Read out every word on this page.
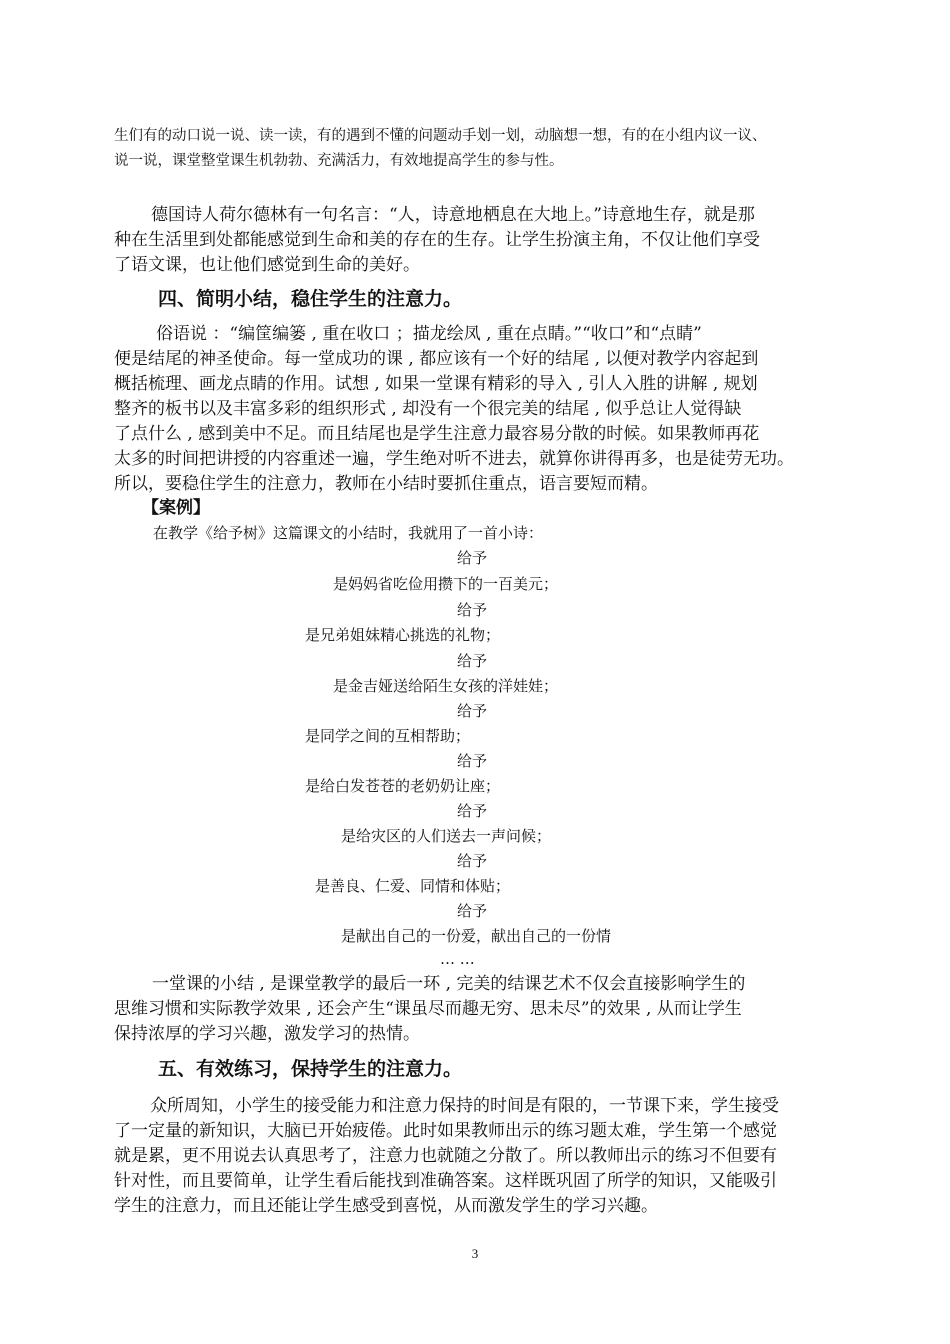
生们有的动口说一说、读一读，有的遇到不懂的问题动手划一划，动脑想一想，有的在小组内议一议、
说一说，课堂整堂课生机勃勃、充满活力，有效地提高学生的参与性。
德国诗人荷尔德林有一句名言：“人，诗意地栖息在大地上。”诗意地生存，就是那
种在生活里到处都能感觉到生命和美的存在的生存。让学生扮演主角，不仅让他们享受
了语文课，也让他们感觉到生命的美好。
四、简明小结，稳住学生的注意力。
俗语说 ：“编筐编篓 , 重在收口 ；描龙绘凤 , 重在点睛。”“收口”和“点睛”
便是结尾的神圣使命。每一堂成功的课 , 都应该有一个好的结尾 , 以便对教学内容起到
概括梳理、画龙点睛的作用。试想 , 如果一堂课有精彩的导入 , 引人入胜的讲解 , 规划
整齐的板书以及丰富多彩的组织形式 , 却没有一个很完美的结尾 , 似乎总让人觉得缺
了点什么 , 感到美中不足。而且结尾也是学生注意力最容易分散的时候。如果教师再花
太多的时间把讲授的内容重述一遍，学生绝对听不进去，就算你讲得再多，也是徒劳无功。
所以，要稳住学生的注意力，教师在小结时要抓住重点，语言要短而精。
【案例】
在教学《给予树》这篇课文的小结时，我就用了一首小诗：
给予
是妈妈省吃俭用攒下的一百美元；
给予
是兄弟姐妹精心挑选的礼物；
给予
是金吉娅送给陌生女孩的洋娃娃；
给予
是同学之间的互相帮助；
给予
是给白发苍苍的老奶奶让座；
给予
是给灾区的人们送去一声问候；
给予
是善良、仁爱、同情和体贴；
给予
是献出自己的一份爱，献出自己的一份情
… …
一堂课的小结 , 是课堂教学的最后一环 , 完美的结课艺术不仅会直接影响学生的
思维习惯和实际教学效果 , 还会产生“课虽尽而趣无穷、思未尽”的效果 , 从而让学生
保持浓厚的学习兴趣，激发学习的热情。
五、有效练习，保持学生的注意力。
众所周知，小学生的接受能力和注意力保持的时间是有限的，一节课下来，学生接受
了一定量的新知识，大脑已开始疲倦。此时如果教师出示的练习题太难，学生第一个感觉
就是累，更不用说去认真思考了，注意力也就随之分散了。所以教师出示的练习不但要有
针对性，而且要简单，让学生看后能找到准确答案。这样既巩固了所学的知识，又能吸引
学生的注意力，而且还能让学生感受到喜悦，从而激发学生的学习兴趣。
3
